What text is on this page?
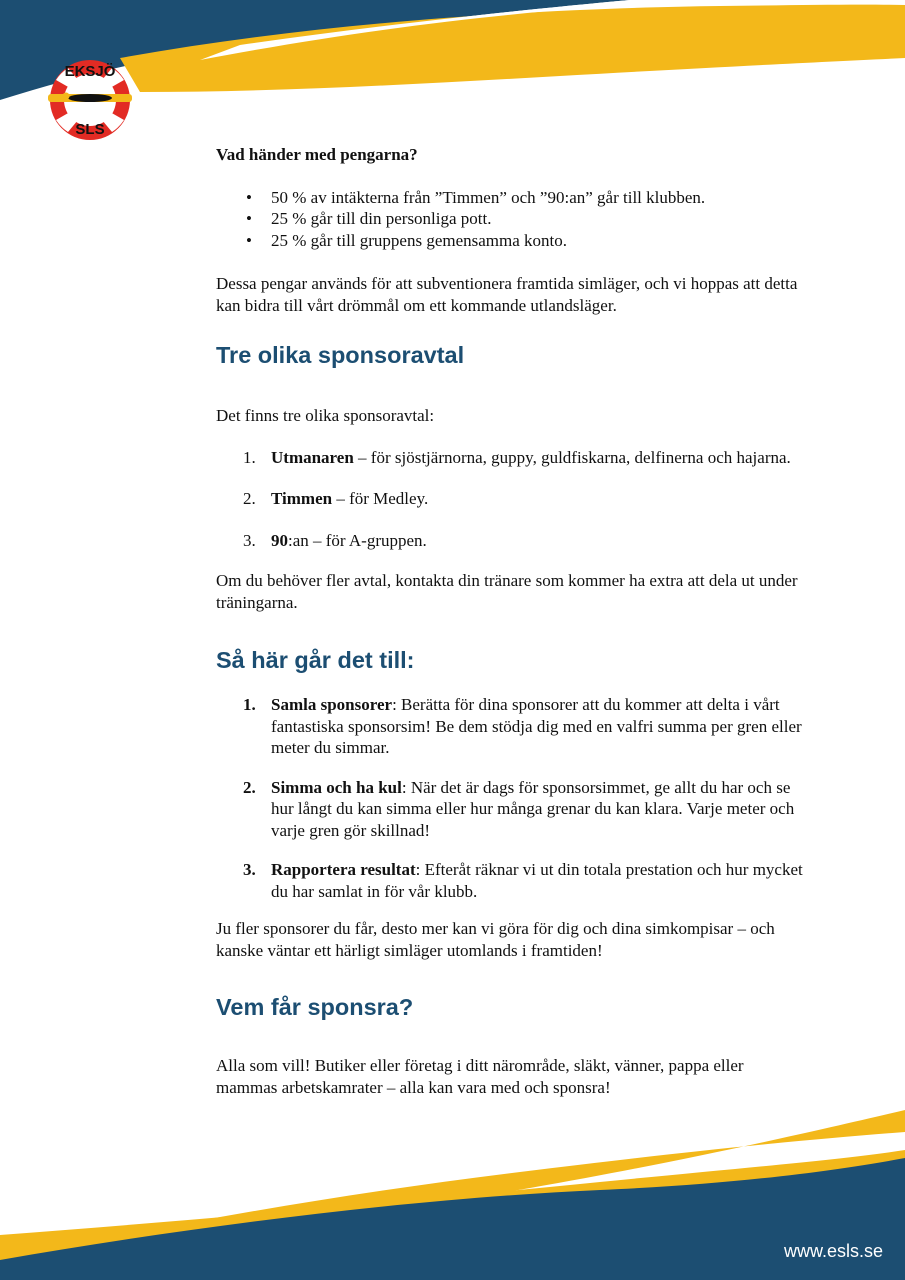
EKSJÖ
SLS

Vad händer med pengarna?

• 50 % av intäkterna från ”Timmen” och ”90:an” går till klubben.
• 25 % går till din personliga pott.
• 25 % går till gruppens gemensamma konto.

Dessa pengar används för att subventionera framtida simläger, och vi hoppas att detta kan bidra till vårt drömmål om ett kommande utlandsläger.

Tre olika sponsoravtal

Det finns tre olika sponsoravtal:

1. Utmanaren – för sjöstjärnorna, guppy, guldfiskarna, delfinerna och hajarna.
2. Timmen – för Medley.
3. 90:an – för A-gruppen.

Om du behöver fler avtal, kontakta din tränare som kommer ha extra att dela ut under träningarna.

Så här går det till:
1. Samla sponsorer: Berätta för dina sponsorer att du kommer att delta i vårt fantastiska sponsorsim! Be dem stödja dig med en valfri summa per gren eller meter du simmar.
2. Simma och ha kul: När det är dags för sponsorsimmet, ge allt du har och se hur långt du kan simma eller hur många grenar du kan klara. Varje meter och varje gren gör skillnad!
3. Rapportera resultat: Efteråt räknar vi ut din totala prestation och hur mycket du har samlat in för vår klubb.

Ju fler sponsorer du får, desto mer kan vi göra för dig och dina simkompisar – och kanske väntar ett härligt simläger utomlands i framtiden!

Vem får sponsra?

Alla som vill! Butiker eller företag i ditt närområde, släkt, vänner, pappa eller mammas arbetskamrater – alla kan vara med och sponsra!

www.esls.se
